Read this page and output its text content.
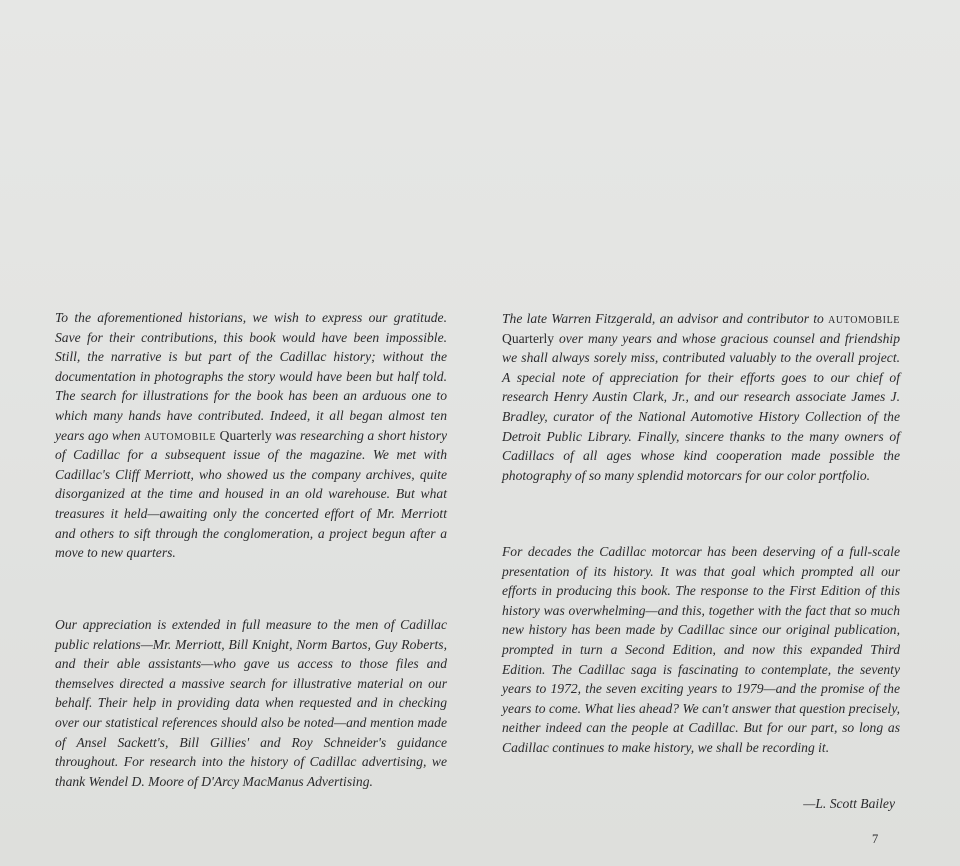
To the aforementioned historians, we wish to express our gratitude. Save for their contributions, this book would have been impossible. Still, the narrative is but part of the Cadillac history; without the documentation in photographs the story would have been but half told. The search for illustrations for the book has been an arduous one to which many hands have contributed. Indeed, it all began almost ten years ago when automobile Quarterly was researching a short history of Cadillac for a subsequent issue of the magazine. We met with Cadillac's Cliff Merriott, who showed us the company archives, quite disorganized at the time and housed in an old warehouse. But what treasures it held—awaiting only the concerted effort of Mr. Merriott and others to sift through the conglomeration, a project begun after a move to new quarters.
Our appreciation is extended in full measure to the men of Cadillac public relations—Mr. Merriott, Bill Knight, Norm Bartos, Guy Roberts, and their able assistants—who gave us access to those files and themselves directed a massive search for illustrative material on our behalf. Their help in providing data when requested and in checking over our statistical references should also be noted—and mention made of Ansel Sackett's, Bill Gillies' and Roy Schneider's guidance throughout. For research into the history of Cadillac advertising, we thank Wendel D. Moore of D'Arcy MacManus Advertising.
The late Warren Fitzgerald, an advisor and contributor to automobile Quarterly over many years and whose gracious counsel and friendship we shall always sorely miss, contributed valuably to the overall project. A special note of appreciation for their efforts goes to our chief of research Henry Austin Clark, Jr., and our research associate James J. Bradley, curator of the National Automotive History Collection of the Detroit Public Library. Finally, sincere thanks to the many owners of Cadillacs of all ages whose kind cooperation made possible the photography of so many splendid motorcars for our color portfolio.
For decades the Cadillac motorcar has been deserving of a full-scale presentation of its history. It was that goal which prompted all our efforts in producing this book. The response to the First Edition of this history was overwhelming—and this, together with the fact that so much new history has been made by Cadillac since our original publication, prompted in turn a Second Edition, and now this expanded Third Edition. The Cadillac saga is fascinating to contemplate, the seventy years to 1972, the seven exciting years to 1979—and the promise of the years to come. What lies ahead? We can't answer that question precisely, neither indeed can the people at Cadillac. But for our part, so long as Cadillac continues to make history, we shall be recording it.
—L. Scott Bailey
7
